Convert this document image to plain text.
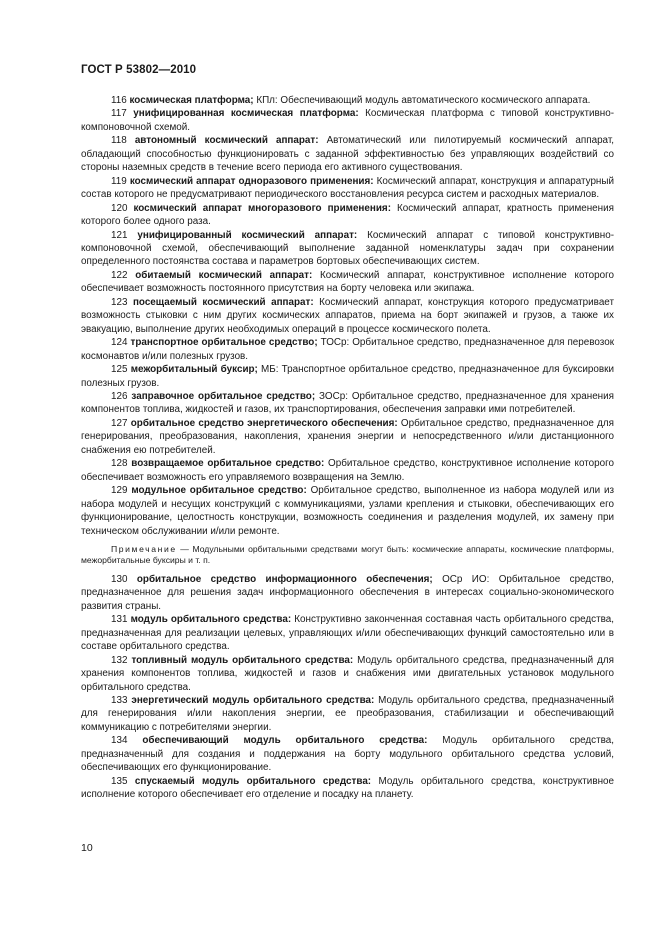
ГОСТ Р 53802—2010

116 космическая платформа; КПл: Обеспечивающий модуль автоматического космического аппарата.

117 унифицированная космическая платформа: Космическая платформа с типовой конструктивно-компоновочной схемой.

118 автономный космический аппарат: Автоматический или пилотируемый космический аппарат, обладающий способностью функционировать с заданной эффективностью без управляющих воздействий со стороны наземных средств в течение всего периода его активного существования.

119 космический аппарат одноразового применения: Космический аппарат, конструкция и аппаратурный состав которого не предусматривают периодического восстановления ресурса систем и расходных материалов.

120 космический аппарат многоразового применения: Космический аппарат, кратность применения которого более одного раза.

121 унифицированный космический аппарат: Космический аппарат с типовой конструктивно-компоновочной схемой, обеспечивающий выполнение заданной номенклатуры задач при сохранении определенного постоянства состава и параметров бортовых обеспечивающих систем.

122 обитаемый космический аппарат: Космический аппарат, конструктивное исполнение которого обеспечивает возможность постоянного присутствия на борту человека или экипажа.

123 посещаемый космический аппарат: Космический аппарат, конструкция которого предусматривает возможность стыковки с ним других космических аппаратов, приема на борт экипажей и грузов, а также их эвакуацию, выполнение других необходимых операций в процессе космического полета.

124 транспортное орбитальное средство; ТОСр: Орбитальное средство, предназначенное для перевозок космонавтов и/или полезных грузов.

125 межорбитальный буксир; МБ: Транспортное орбитальное средство, предназначенное для буксировки полезных грузов.

126 заправочное орбитальное средство; ЗОСр: Орбитальное средство, предназначенное для хранения компонентов топлива, жидкостей и газов, их транспортирования, обеспечения заправки ими потребителей.

127 орбитальное средство энергетического обеспечения: Орбитальное средство, предназначенное для генерирования, преобразования, накопления, хранения энергии и непосредственного и/или дистанционного снабжения ею потребителей.

128 возвращаемое орбитальное средство: Орбитальное средство, конструктивное исполнение которого обеспечивает возможность его управляемого возвращения на Землю.

129 модульное орбитальное средство: Орбитальное средство, выполненное из набора модулей или из набора модулей и несущих конструкций с коммуникациями, узлами крепления и стыковки, обеспечивающих его функционирование, целостность конструкции, возможность соединения и разделения модулей, их замену при техническом обслуживании и/или ремонте.

Примечание — Модульными орбитальными средствами могут быть: космические аппараты, космические платформы, межорбитальные буксиры и т. п.

130 орбитальное средство информационного обеспечения; ОСр ИО: Орбитальное средство, предназначенное для решения задач информационного обеспечения в интересах социально-экономического развития страны.

131 модуль орбитального средства: Конструктивно законченная составная часть орбитального средства, предназначенная для реализации целевых, управляющих и/или обеспечивающих функций самостоятельно или в составе орбитального средства.

132 топливный модуль орбитального средства: Модуль орбитального средства, предназначенный для хранения компонентов топлива, жидкостей и газов и снабжения ими двигательных установок модульного орбитального средства.

133 энергетический модуль орбитального средства: Модуль орбитального средства, предназначенный для генерирования и/или накопления энергии, ее преобразования, стабилизации и обеспечивающий коммуникацию с потребителями энергии.

134 обеспечивающий модуль орбитального средства: Модуль орбитального средства, предназначенный для создания и поддержания на борту модульного орбитального средства условий, обеспечивающих его функционирование.

135 спускаемый модуль орбитального средства: Модуль орбитального средства, конструктивное исполнение которого обеспечивает его отделение и посадку на планету.

10
